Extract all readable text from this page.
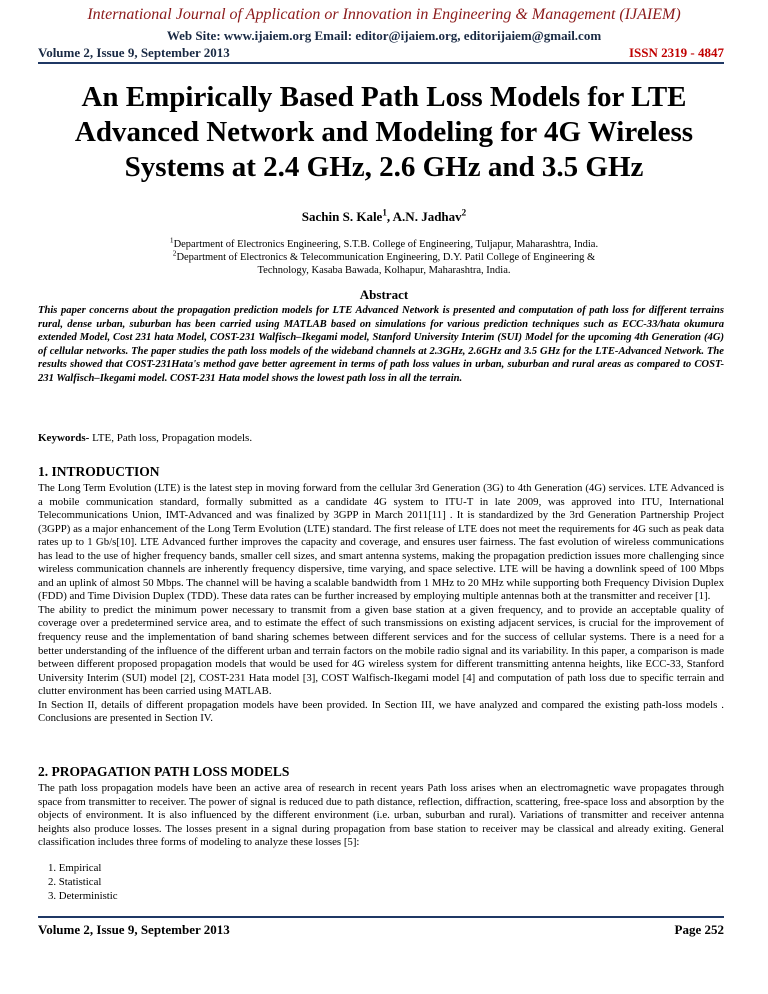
International Journal of Application or Innovation in Engineering & Management (IJAIEM)
Web Site: www.ijaiem.org Email: editor@ijaiem.org, editorijaiem@gmail.com
Volume 2, Issue 9, September 2013	ISSN 2319 - 4847
An Empirically Based Path Loss Models for LTE Advanced Network and Modeling for 4G Wireless Systems at 2.4 GHz, 2.6 GHz and 3.5 GHz
Sachin S. Kale$^1$, A.N. Jadhav$^2$
$^1$Department of Electronics Engineering, S.T.B. College of Engineering, Tuljapur, Maharashtra, India.
$^2$Department of Electronics & Telecommunication Engineering, D.Y. Patil College of Engineering &
Technology, Kasaba Bawada, Kolhapur, Maharashtra, India.
Abstract
This paper concerns about the propagation prediction models for LTE Advanced Network is presented and computation of path loss for different terrains rural, dense urban, suburban has been carried using MATLAB based on simulations for various prediction techniques such as ECC-33/hata okumura extended Model, Cost 231 hata Model, COST-231 Walfisch–Ikegami model, Stanford University Interim (SUI) Model for the upcoming 4th Generation (4G) of cellular networks. The paper studies the path loss models of the wideband channels at 2.3GHz, 2.6GHz and 3.5 GHz for the LTE-Advanced Network. The results showed that COST-231Hata's method gave better agreement in terms of path loss values in urban, suburban and rural areas as compared to COST-231 Walfisch–Ikegami model. COST-231 Hata model shows the lowest path loss in all the terrain.
Keywords- LTE, Path loss, Propagation models.
1. INTRODUCTION
The Long Term Evolution (LTE) is the latest step in moving forward from the cellular 3rd Generation (3G) to 4th Generation (4G) services. LTE Advanced is a mobile communication standard, formally submitted as a candidate 4G system to ITU-T in late 2009, was approved into ITU, International Telecommunications Union, IMT-Advanced and was finalized by 3GPP in March 2011[11] . It is standardized by the 3rd Generation Partnership Project (3GPP) as a major enhancement of the Long Term Evolution (LTE) standard. The first release of LTE does not meet the requirements for 4G such as peak data rates up to 1 Gb/s[10]. LTE Advanced further improves the capacity and coverage, and ensures user fairness. The fast evolution of wireless communications has lead to the use of higher frequency bands, smaller cell sizes, and smart antenna systems, making the propagation prediction issues more challenging since wireless communication channels are inherently frequency dispersive, time varying, and space selective. LTE will be having a downlink speed of 100 Mbps and an uplink of almost 50 Mbps. The channel will be having a scalable bandwidth from 1 MHz to 20 MHz while supporting both Frequency Division Duplex (FDD) and Time Division Duplex (TDD). These data rates can be further increased by employing multiple antennas both at the transmitter and receiver [1].
The ability to predict the minimum power necessary to transmit from a given base station at a given frequency, and to provide an acceptable quality of coverage over a predetermined service area, and to estimate the effect of such transmissions on existing adjacent services, is crucial for the improvement of frequency reuse and the implementation of band sharing schemes between different services and for the success of cellular systems. There is a need for a better understanding of the influence of the different urban and terrain factors on the mobile radio signal and its variability. In this paper, a comparison is made between different proposed propagation models that would be used for 4G wireless system for different transmitting antenna heights, like ECC-33, Stanford University Interim (SUI) model [2], COST-231 Hata model [3], COST Walfisch-Ikegami model [4] and computation of path loss due to specific terrain and clutter environment has been carried using MATLAB.
In Section II, details of different propagation models have been provided. In Section III, we have analyzed and compared the existing path-loss models . Conclusions are presented in Section IV.
2. PROPAGATION PATH LOSS MODELS
The path loss propagation models have been an active area of research in recent years Path loss arises when an electromagnetic wave propagates through space from transmitter to receiver. The power of signal is reduced due to path distance, reflection, diffraction, scattering, free-space loss and absorption by the objects of environment. It is also influenced by the different environment (i.e. urban, suburban and rural). Variations of transmitter and receiver antenna heights also produce losses. The losses present in a signal during propagation from base station to receiver may be classical and already exiting. General classification includes three forms of modeling to analyze these losses [5]:
1. Empirical
2. Statistical
3. Deterministic
Volume 2, Issue 9, September 2013	Page 252
